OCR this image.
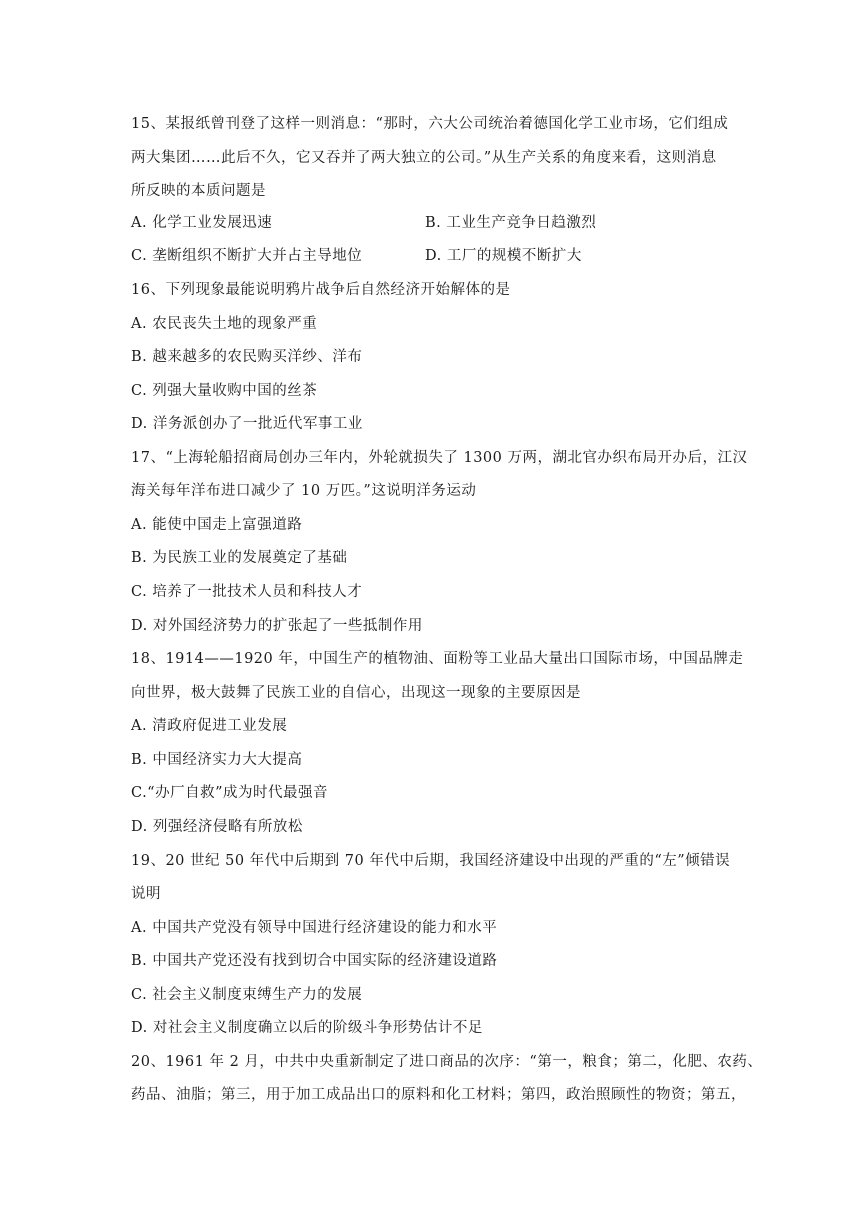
15、某报纸曾刊登了这样一则消息：“那时，六大公司统治着德国化学工业市场，它们组成
两大集团……此后不久，它又吞并了两大独立的公司。”从生产关系的角度来看，这则消息
所反映的本质问题是
A. 化学工业发展迅速	B. 工业生产竞争日趋激烈
C. 垄断组织不断扩大并占主导地位	D. 工厂的规模不断扩大
16、下列现象最能说明鸦片战争后自然经济开始解体的是
A. 农民丧失土地的现象严重
B. 越来越多的农民购买洋纱、洋布
C. 列强大量收购中国的丝茶
D. 洋务派创办了一批近代军事工业
17、“上海轮船招商局创办三年内，外轮就损失了 1300 万两，湖北官办织布局开办后，江汉
海关每年洋布进口减少了 10 万匹。”这说明洋务运动
A. 能使中国走上富强道路
B. 为民族工业的发展奠定了基础
C. 培养了一批技术人员和科技人才
D. 对外国经济势力的扩张起了一些抵制作用
18、1914——1920 年，中国生产的植物油、面粉等工业品大量出口国际市场，中国品牌走
向世界，极大鼓舞了民族工业的自信心，出现这一现象的主要原因是
A. 清政府促进工业发展
B. 中国经济实力大大提高
C.“办厂自救”成为时代最强音
D. 列强经济侵略有所放松
19、20 世纪 50 年代中后期到 70 年代中后期，我国经济建设中出现的严重的“左”倾错误
说明
A. 中国共产党没有领导中国进行经济建设的能力和水平
B. 中国共产党还没有找到切合中国实际的经济建设道路
C. 社会主义制度束缚生产力的发展
D. 对社会主义制度确立以后的阶级斗争形势估计不足
20、1961 年 2 月，中共中央重新制定了进口商品的次序：“第一，粮食；第二，化肥、农药、
药品、油脂；第三，用于加工成品出口的原料和化工材料；第四，政治照顾性的物资；第五，
